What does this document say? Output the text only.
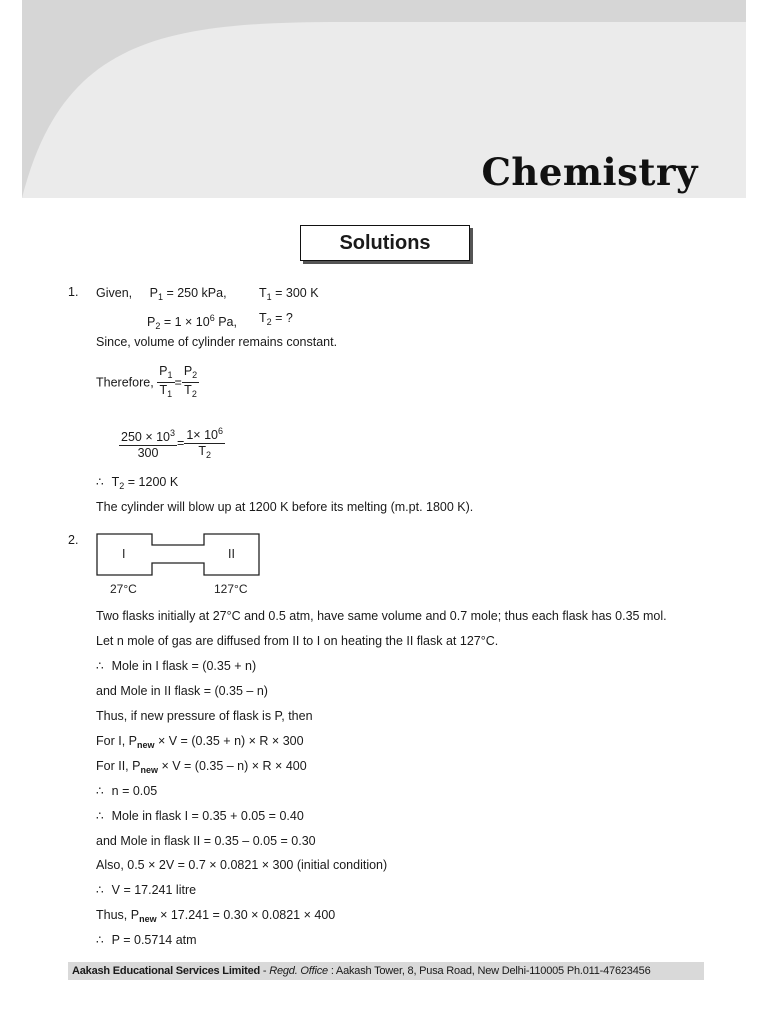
Chemistry
Solutions
1. Given, $P_1 = 250$ kPa,	$T_1 = 300$ K
$P_2 = 1 \times 10^6$ Pa, $T_2$ = ?
Since, volume of cylinder remains constant.
Therefore, $\frac{P_1}{T_1} = \frac{P_2}{T_2}$
$\frac{250 \times 10^3}{300} = \frac{1\times 10^6}{T_2}$
∴ $T_2 = 1200$ K
The cylinder will blow up at 1200 K before its melting (m.pt. 1800 K).
2.
I	II
27°C	127°C
Two flasks initially at 27°C and 0.5 atm, have same volume and 0.7 mole; thus each flask has 0.35 mol.
Let n mole of gas are diffused from II to I on heating the II flask at 127°C.
∴ Mole in I flask = (0.35 + n)
and Mole in II flask = (0.35 – n)
Thus, if new pressure of flask is P, then
For I, $P_{new} \times V = (0.35 + n) \times R \times 300$
For II, $P_{new} \times V = (0.35 - n) \times R \times 400$
∴ n = 0.05
∴ Mole in flask I = 0.35 + 0.05 = 0.40
and Mole in flask II = 0.35 – 0.05 = 0.30
Also, 0.5 × 2V = 0.7 × 0.0821 × 300 (initial condition)
∴ V = 17.241 litre
Thus, $P_{new} \times 17.241 = 0.30 \times 0.0821 \times 400$
∴ P = 0.5714 atm
Aakash Educational Services Limited - Regd. Office : Aakash Tower, 8, Pusa Road, New Delhi-110005 Ph.011-47623456
